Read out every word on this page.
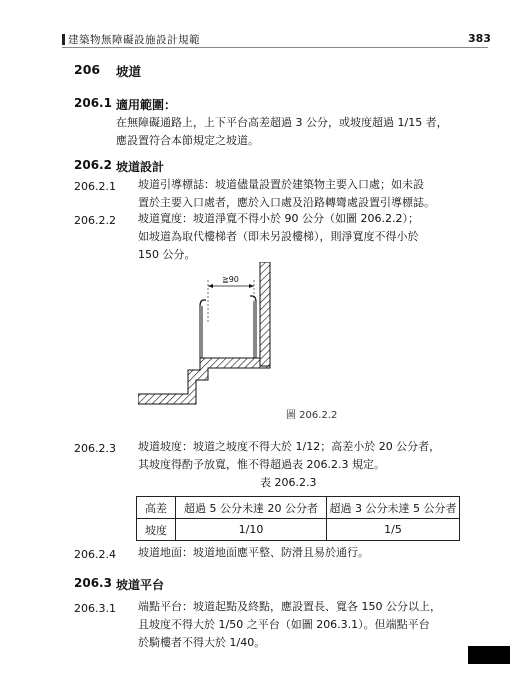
建築物無障礙設施設計規範	383
206 坡道
206.1 適用範圍：
在無障礙通路上，上下平台高差超過 3 公分，或坡度超過 1/15 者，
應設置符合本節規定之坡道。
206.2 坡道設計
206.2.1 坡道引導標誌：坡道儘量設置於建築物主要入口處；如未設
置於主要入口處者，應於入口處及沿路轉彎處設置引導標誌。
206.2.2 坡道寬度：坡道淨寬不得小於 90 公分（如圖 206.2.2）；
如坡道為取代樓梯者（即未另設樓梯），則淨寬度不得小於
150 公分。
≧90
圖 206.2.2
206.2.3 坡道坡度：坡道之坡度不得大於 1/12；高差小於 20 公分者，
其坡度得酌予放寬，惟不得超過表 206.2.3 規定。
表 206.2.3
高差	超過 5 公分未達 20 公分者	超過 3 公分未達 5 公分者
坡度	1/10	1/5
206.2.4 坡道地面：坡道地面應平整、防滑且易於通行。
206.3 坡道平台
206.3.1 端點平台：坡道起點及終點，應設置長、寬各 150 公分以上，
且坡度不得大於 1/50 之平台（如圖 206.3.1）。但端點平台
於騎樓者不得大於 1/40。
